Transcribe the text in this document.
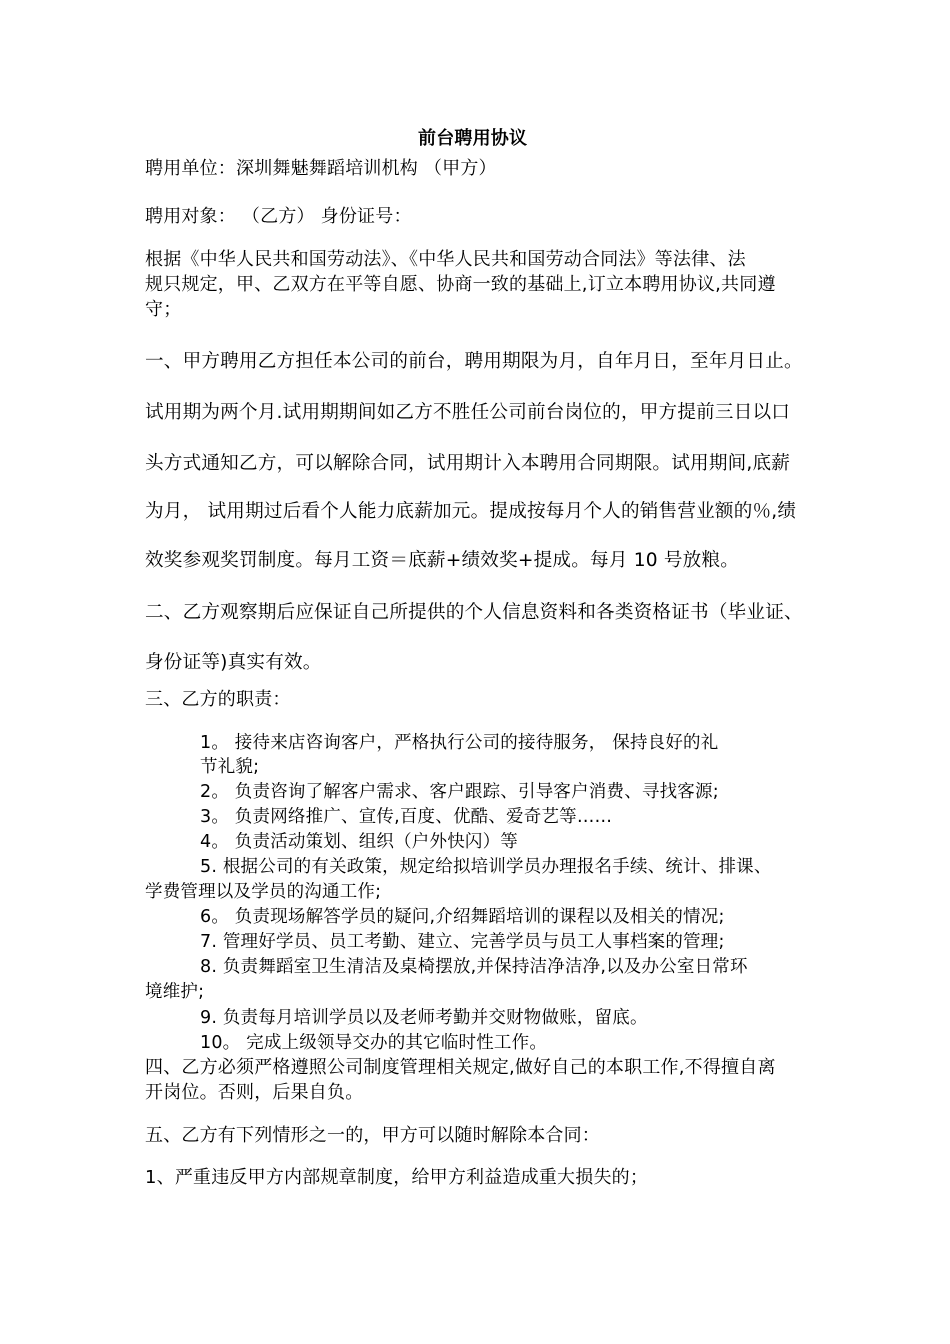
前台聘用协议
聘用单位：深圳舞魅舞蹈培训机构 （甲方）
聘用对象： （乙方） 身份证号：
根据《中华人民共和国劳动法》、《中华人民共和国劳动合同法》等法律、法
规只规定，甲、乙双方在平等自愿、协商一致的基础上,订立本聘用协议,共同遵
守；
一、甲方聘用乙方担任本公司的前台，聘用期限为月，自年月日，至年月日止。
试用期为两个月.试用期期间如乙方不胜任公司前台岗位的，甲方提前三日以口
头方式通知乙方，可以解除合同，试用期计入本聘用合同期限。试用期间,底薪
为月， 试用期过后看个人能力底薪加元。提成按每月个人的销售营业额的％,绩
效奖参观奖罚制度。每月工资＝底薪+绩效奖+提成。每月 10 号放粮。
二、乙方观察期后应保证自己所提供的个人信息资料和各类资格证书（毕业证、
身份证等)真实有效。
三、乙方的职责：
1。 接待来店咨询客户，严格执行公司的接待服务， 保持良好的礼
节礼貌;
2。 负责咨询了解客户需求、客户跟踪、引导客户消费、寻找客源;
3。 负责网络推广、宣传,百度、优酷、爱奇艺等……
4。 负责活动策划、组织（户外快闪）等
5. 根据公司的有关政策，规定给拟培训学员办理报名手续、统计、排课、
学费管理以及学员的沟通工作;
6。 负责现场解答学员的疑问,介绍舞蹈培训的课程以及相关的情况;
7. 管理好学员、员工考勤、建立、完善学员与员工人事档案的管理;
8. 负责舞蹈室卫生清洁及桌椅摆放,并保持洁净洁净,以及办公室日常环
境维护;
9. 负责每月培训学员以及老师考勤并交财物做账，留底。
10。 完成上级领导交办的其它临时性工作。
四、乙方必须严格遵照公司制度管理相关规定,做好自己的本职工作,不得擅自离
开岗位。否则，后果自负。
五、乙方有下列情形之一的，甲方可以随时解除本合同：
1、严重违反甲方内部规章制度，给甲方利益造成重大损失的；
